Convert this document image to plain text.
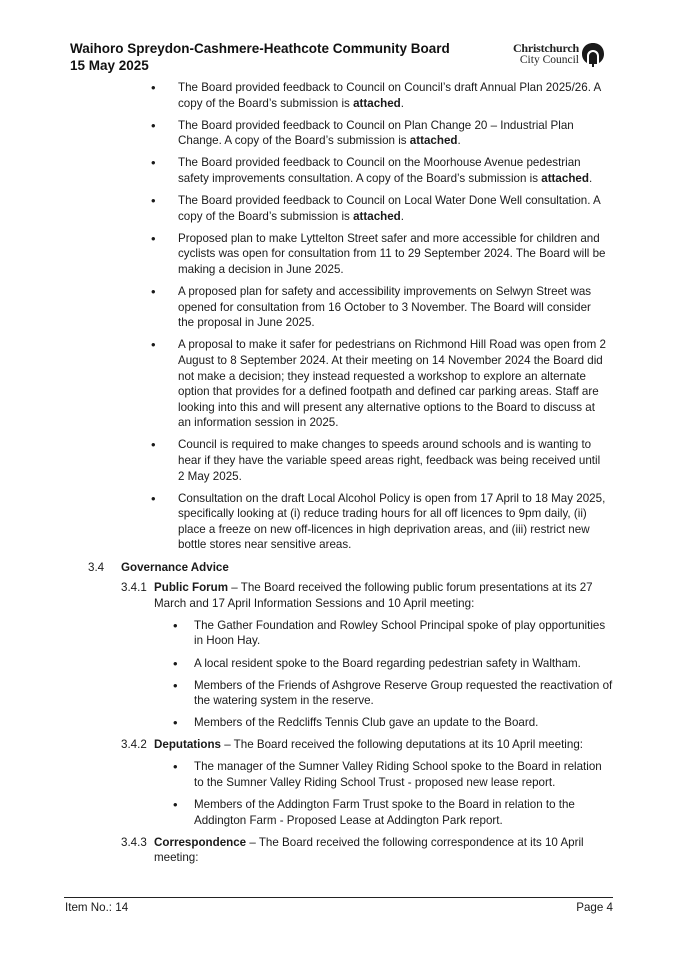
Waihoro Spreydon-Cashmere-Heathcote Community Board
15 May 2025
Christchurch
City Council
• The Board provided feedback to Council on Council’s draft Annual Plan 2025/26. A copy of the Board’s submission is attached.
• The Board provided feedback to Council on Plan Change 20 – Industrial Plan Change. A copy of the Board’s submission is attached.
• The Board provided feedback to Council on the Moorhouse Avenue pedestrian safety improvements consultation. A copy of the Board’s submission is attached.
• The Board provided feedback to Council on Local Water Done Well consultation. A copy of the Board’s submission is attached.
• Proposed plan to make Lyttelton Street safer and more accessible for children and cyclists was open for consultation from 11 to 29 September 2024. The Board will be making a decision in June 2025.
• A proposed plan for safety and accessibility improvements on Selwyn Street was opened for consultation from 16 October to 3 November. The Board will consider the proposal in June 2025.
• A proposal to make it safer for pedestrians on Richmond Hill Road was open from 2 August to 8 September 2024. At their meeting on 14 November 2024 the Board did not make a decision; they instead requested a workshop to explore an alternate option that provides for a defined footpath and defined car parking areas. Staff are looking into this and will present any alternative options to the Board to discuss at an information session in 2025.
• Council is required to make changes to speeds around schools and is wanting to hear if they have the variable speed areas right, feedback was being received until 2 May 2025.
• Consultation on the draft Local Alcohol Policy is open from 17 April to 18 May 2025, specifically looking at (i) reduce trading hours for all off licences to 9pm daily, (ii) place a freeze on new off-licences in high deprivation areas, and (iii) restrict new bottle stores near sensitive areas.
3.4 Governance Advice
3.4.1 Public Forum – The Board received the following public forum presentations at its 27 March and 17 April Information Sessions and 10 April meeting:
• The Gather Foundation and Rowley School Principal spoke of play opportunities in Hoon Hay.
• A local resident spoke to the Board regarding pedestrian safety in Waltham.
• Members of the Friends of Ashgrove Reserve Group requested the reactivation of the watering system in the reserve.
• Members of the Redcliffs Tennis Club gave an update to the Board.
3.4.2 Deputations – The Board received the following deputations at its 10 April meeting:
• The manager of the Sumner Valley Riding School spoke to the Board in relation to the Sumner Valley Riding School Trust - proposed new lease report.
• Members of the Addington Farm Trust spoke to the Board in relation to the Addington Farm - Proposed Lease at Addington Park report.
3.4.3 Correspondence – The Board received the following correspondence at its 10 April meeting:
Item No.: 14	Page 4
